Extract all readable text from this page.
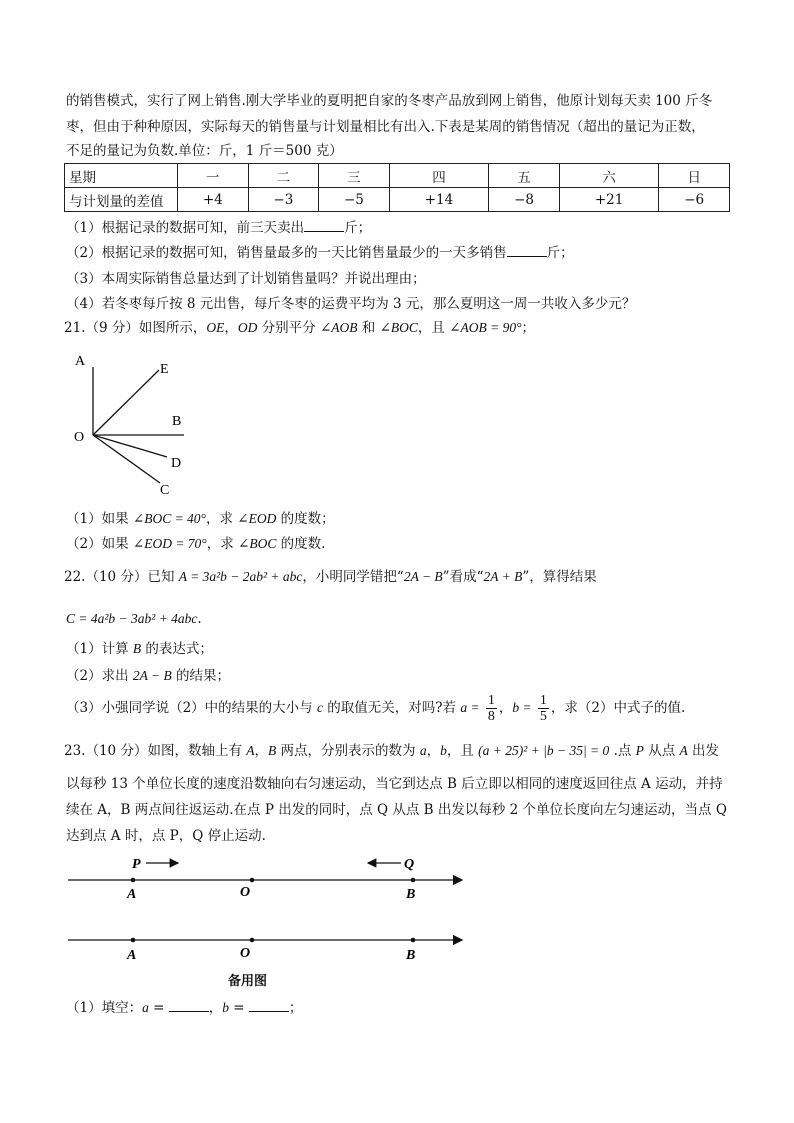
的销售模式，实行了网上销售.刚大学毕业的夏明把自家的冬枣产品放到网上销售，他原计划每天卖 100 斤冬
枣，但由于种种原因，实际每天的销售量与计划量相比有出入.下表是某周的销售情况（超出的量记为正数，
不足的量记为负数.单位：斤，1 斤＝500 克）
星期	一	二	三	四	五	六	日
与计划量的差值	+4	−3	−5	+14	−8	+21	−6
（1）根据记录的数据可知，前三天卖出	斤；
（2）根据记录的数据可知，销售量最多的一天比销售量最少的一天多销售	斤；
（3）本周实际销售总量达到了计划销售量吗？并说出理由；
（4）若冬枣每斤按 8 元出售，每斤冬枣的运费平均为 3 元，那么夏明这一周一共收入多少元？
21.（9 分）如图所示，OE，OD 分别平分 ∠AOB 和 ∠BOC，且 ∠AOB = 90°；
A
E
B
O
D
C
（1）如果 ∠BOC = 40°，求 ∠EOD 的度数；
（2）如果 ∠EOD = 70°，求 ∠BOC 的度数.
22.（10 分）已知 A = 3a²b − 2ab² + abc，小明同学错把“2A − B”看成“2A + B”，算得结果
C = 4a²b − 3ab² + 4abc.
（1）计算 B 的表达式；
（2）求出 2A − B 的结果；
（3）小强同学说（2）中的结果的大小与 c 的取值无关，对吗?若 $a = \frac{1}{8}$ ，$b = \frac{1}{5}$ ，求（2）中式子的值.
23.（10 分）如图，数轴上有 A，B 两点，分别表示的数为 a，b，且 (a + 25)² + |b − 35| = 0 .点 P 从点 A 出发
以每秒 13 个单位长度的速度沿数轴向右匀速运动，当它到达点 B 后立即以相同的速度返回往点 A 运动，并持
续在 A，B 两点间往返运动.在点 P 出发的同时，点 Q 从点 B 出发以每秒 2 个单位长度向左匀速运动，当点 Q
达到点 A 时，点 P，Q 停止运动.
P	Q
A	O	B
A	O	B
备用图
（1）填空：a =	，b =	；
